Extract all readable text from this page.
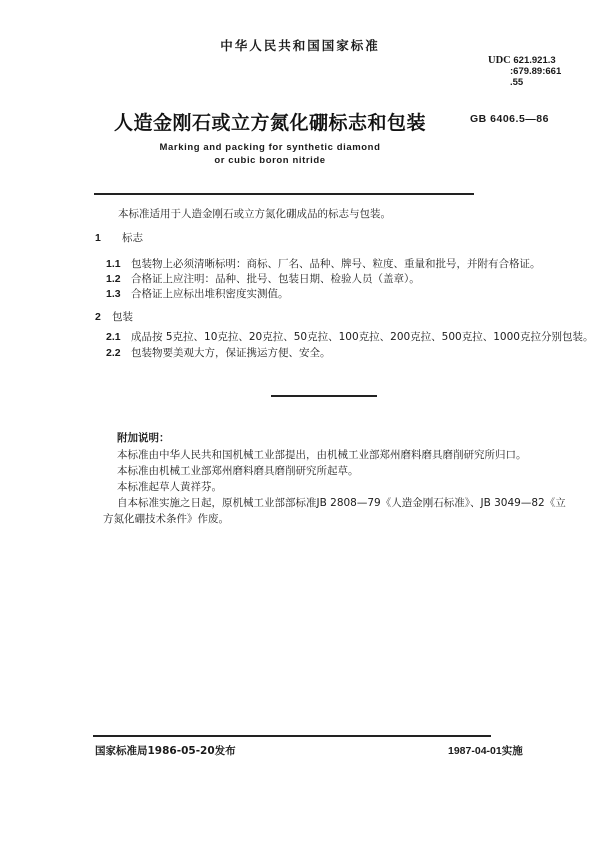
中华人民共和国国家标准
UDC 621.921.3
:679.89:661
.55
GB 6406.5—86
人造金刚石或立方氮化硼标志和包装
Marking and packing for synthetic diamond
or cubic boron nitride
本标准适用于人造金刚石或立方氮化硼成品的标志与包装。
1 标志
1.1 包装物上必须清晰标明：商标、厂名、品种、牌号、粒度、重量和批号，并附有合格证。
1.2 合格证上应注明：品种、批号、包装日期、检验人员（盖章）。
1.3 合格证上应标出堆积密度实测值。
2 包装
2.1 成品按 5克拉、10克拉、20克拉、50克拉、100克拉、200克拉、500克拉、1000克拉分别包装。
2.2 包装物要美观大方，保证携运方便、安全。
附加说明：
本标准由中华人民共和国机械工业部提出，由机械工业部郑州磨料磨具磨削研究所归口。
本标准由机械工业部郑州磨料磨具磨削研究所起草。
本标准起草人黄祥芬。
自本标准实施之日起，原机械工业部部标准JB 2808—79《人造金刚石标准》、JB 3049—82《立
方氮化硼技术条件》作废。
国家标准局1986-05-20发布	1987-04-01实施
